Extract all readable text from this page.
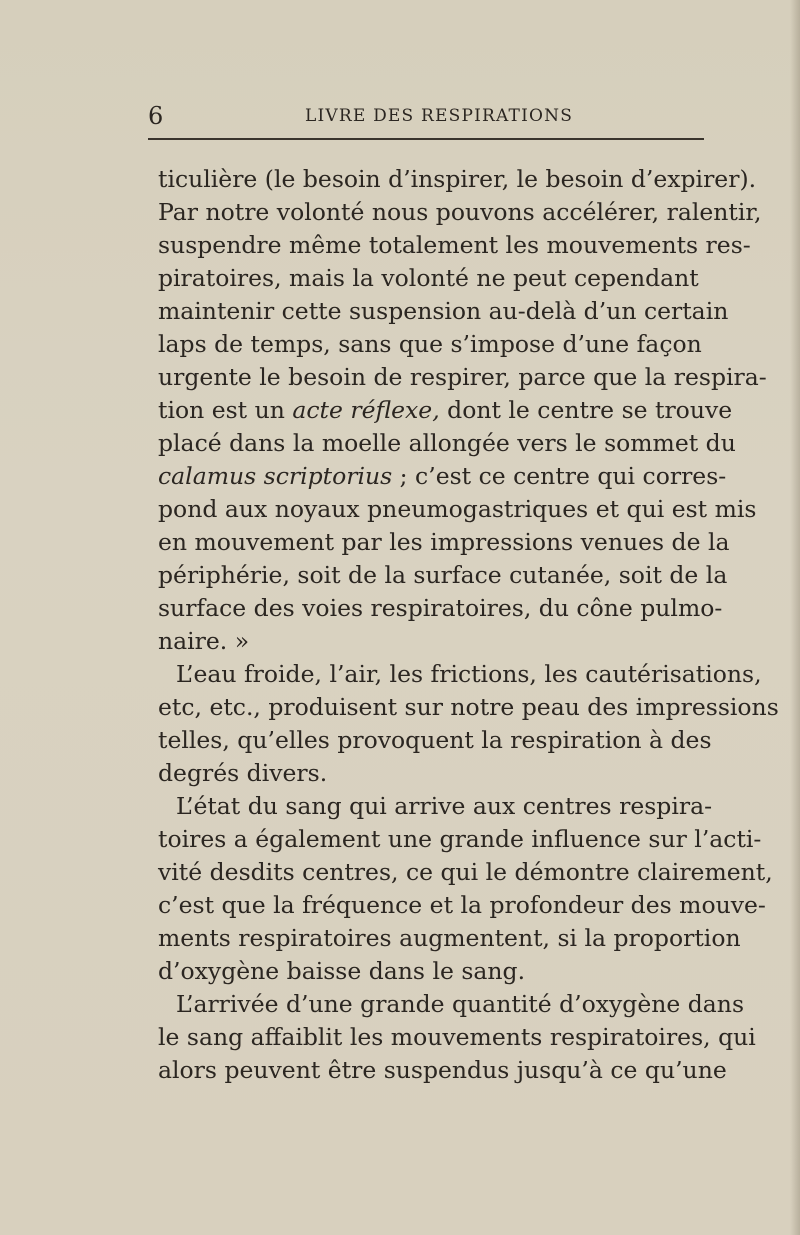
6	LIVRE DES RESPIRATIONS
ticulière (le besoin d’inspirer, le besoin d’expirer).
Par notre volonté nous pouvons accélérer, ralentir,
suspendre même totalement les mouvements res-
piratoires, mais la volonté ne peut cependant
maintenir cette suspension au-delà d’un certain
laps de temps, sans que s’impose d’une façon
urgente le besoin de respirer, parce que la respira-
tion est un acte réflexe, dont le centre se trouve
placé dans la moelle allongée vers le sommet du
calamus scriptorius ; c’est ce centre qui corres-
pond aux noyaux pneumogastriques et qui est mis
en mouvement par les impressions venues de la
périphérie, soit de la surface cutanée, soit de la
surface des voies respiratoires, du cône pulmo-
naire. »
L’eau froide, l’air, les frictions, les cautérisations,
etc, etc., produisent sur notre peau des impressions
telles, qu’elles provoquent la respiration à des
degrés divers.
L’état du sang qui arrive aux centres respira-
toires a également une grande influence sur l’acti-
vité desdits centres, ce qui le démontre clairement,
c’est que la fréquence et la profondeur des mouve-
ments respiratoires augmentent, si la proportion
d’oxygène baisse dans le sang.
L’arrivée d’une grande quantité d’oxygène dans
le sang affaiblit les mouvements respiratoires, qui
alors peuvent être suspendus jusqu’à ce qu’une
